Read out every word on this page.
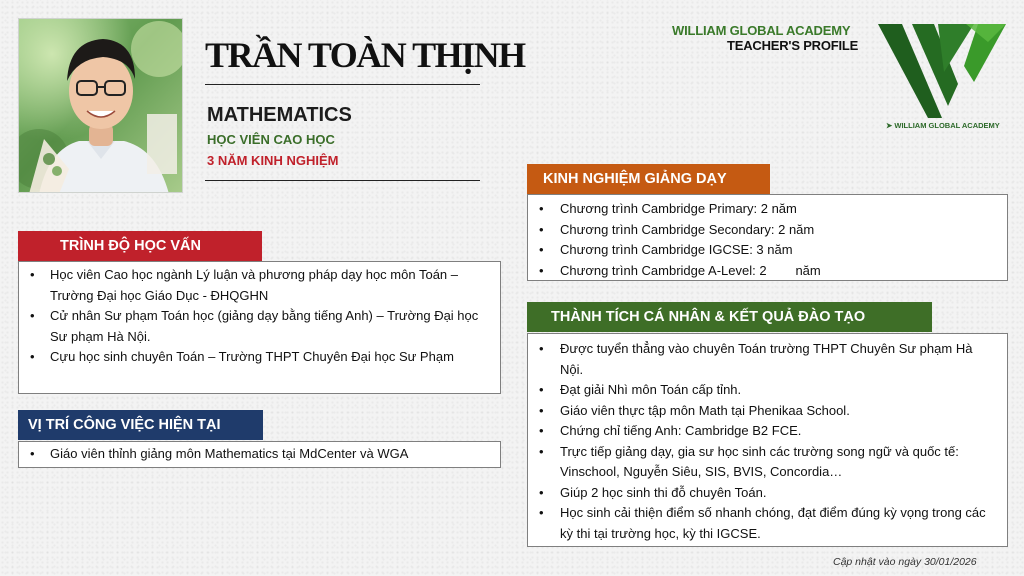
TRẦN TOÀN THỊNH
MATHEMATICS
HỌC VIÊN CAO HỌC
3 NĂM KINH NGHIỆM
WILLIAM GLOBAL ACADEMY
TEACHER'S PROFILE
➤ WILLIAM GLOBAL ACADEMY
TRÌNH ĐỘ HỌC VẤN
• Học viên Cao học ngành Lý luận và phương pháp dạy học môn Toán – Trường Đại học Giáo Dục - ĐHQGHN
• Cử nhân Sư phạm Toán học (giảng dạy bằng tiếng Anh) – Trường Đại học Sư phạm Hà Nội.
• Cựu học sinh chuyên Toán – Trường THPT Chuyên Đại học Sư Phạm
VỊ TRÍ CÔNG VIỆC HIỆN TẠI
• Giáo viên thỉnh giảng môn Mathematics tại MdCenter và WGA
KINH NGHIỆM GIẢNG DẠY
• Chương trình Cambridge Primary: 2 năm
• Chương trình Cambridge Secondary: 2 năm
• Chương trình Cambridge IGCSE: 3 năm
• Chương trình Cambridge A-Level: 2        năm
THÀNH TÍCH CÁ NHÂN & KẾT QUẢ ĐÀO TẠO
• Được tuyển thẳng vào chuyên Toán trường THPT Chuyên Sư phạm Hà Nội.
• Đạt giải Nhì môn Toán cấp tỉnh.
• Giáo viên thực tập môn Math tại Phenikaa School.
• Chứng chỉ tiếng Anh: Cambridge B2 FCE.
• Trực tiếp giảng dạy, gia sư học sinh các trường song ngữ và quốc tế: Vinschool, Nguyễn Siêu, SIS, BVIS, Concordia…
• Giúp 2 học sinh thi đỗ chuyên Toán.
• Học sinh cải thiện điểm số nhanh chóng, đạt điểm đúng kỳ vọng trong các kỳ thi tại trường học, kỳ thi IGCSE.
Cập nhật vào ngày 30/01/2026
